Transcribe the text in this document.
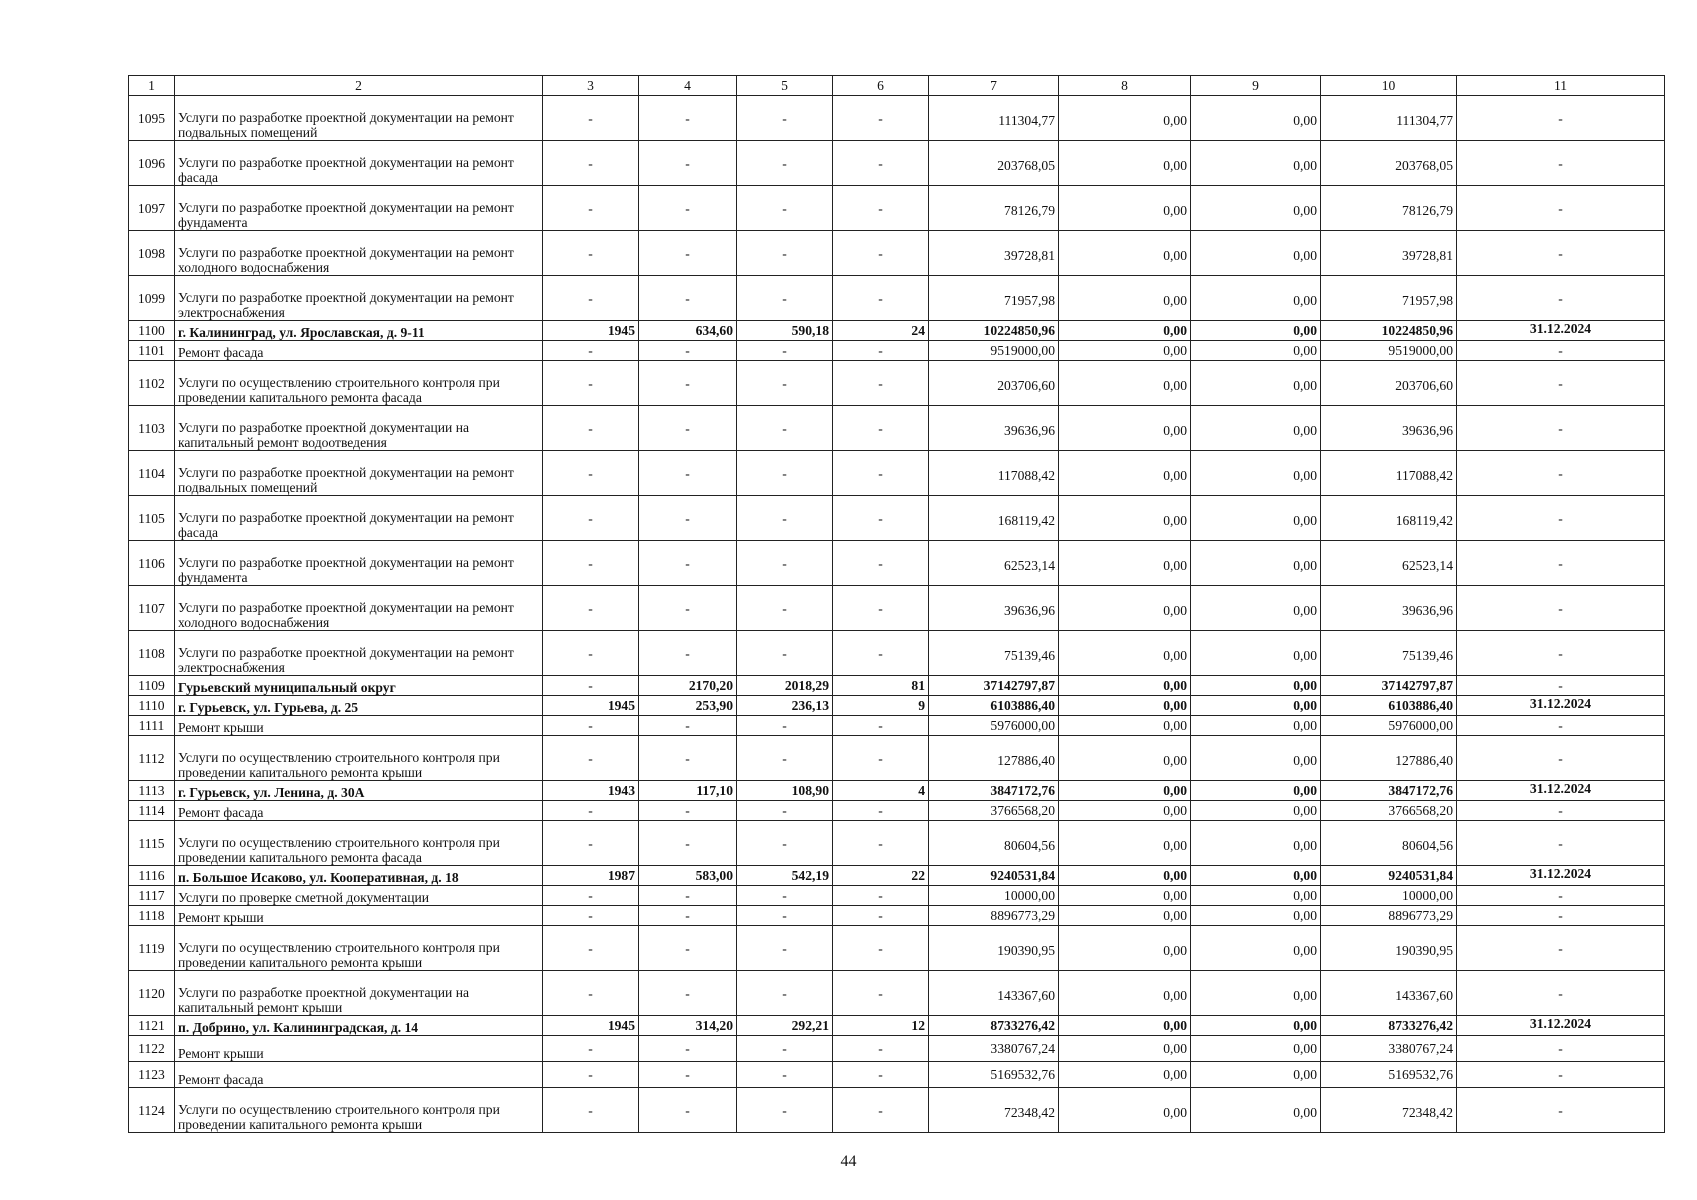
1	2	3	4	5	6	7	8	9	10	11
1095	Услуги по разработке проектной документации на ремонт подвальных помещений	-	-	-	-	111304,77	0,00	0,00	111304,77	-
1096	Услуги по разработке проектной документации на ремонт фасада	-	-	-	-	203768,05	0,00	0,00	203768,05	-
1097	Услуги по разработке проектной документации на ремонт фундамента	-	-	-	-	78126,79	0,00	0,00	78126,79	-
1098	Услуги по разработке проектной документации на ремонт холодного водоснабжения	-	-	-	-	39728,81	0,00	0,00	39728,81	-
1099	Услуги по разработке проектной документации на ремонт электроснабжения	-	-	-	-	71957,98	0,00	0,00	71957,98	-
1100	г. Калининград, ул. Ярославская, д. 9-11	1945	634,60	590,18	24	10224850,96	0,00	0,00	10224850,96	31.12.2024
1101	Ремонт фасада	-	-	-	-	9519000,00	0,00	0,00	9519000,00	-
1102	Услуги по осуществлению строительного контроля при проведении капитального ремонта фасада	-	-	-	-	203706,60	0,00	0,00	203706,60	-
1103	Услуги по разработке проектной документации на капитальный ремонт водоотведения	-	-	-	-	39636,96	0,00	0,00	39636,96	-
1104	Услуги по разработке проектной документации на ремонт подвальных помещений	-	-	-	-	117088,42	0,00	0,00	117088,42	-
1105	Услуги по разработке проектной документации на ремонт фасада	-	-	-	-	168119,42	0,00	0,00	168119,42	-
1106	Услуги по разработке проектной документации на ремонт фундамента	-	-	-	-	62523,14	0,00	0,00	62523,14	-
1107	Услуги по разработке проектной документации на ремонт холодного водоснабжения	-	-	-	-	39636,96	0,00	0,00	39636,96	-
1108	Услуги по разработке проектной документации на ремонт электроснабжения	-	-	-	-	75139,46	0,00	0,00	75139,46	-
1109	Гурьевский муниципальный округ	-	2170,20	2018,29	81	37142797,87	0,00	0,00	37142797,87	-
1110	г. Гурьевск, ул. Гурьева, д. 25	1945	253,90	236,13	9	6103886,40	0,00	0,00	6103886,40	31.12.2024
1111	Ремонт крыши	-	-	-	-	5976000,00	0,00	0,00	5976000,00	-
1112	Услуги по осуществлению строительного контроля при проведении капитального ремонта крыши	-	-	-	-	127886,40	0,00	0,00	127886,40	-
1113	г. Гурьевск, ул. Ленина, д. 30А	1943	117,10	108,90	4	3847172,76	0,00	0,00	3847172,76	31.12.2024
1114	Ремонт фасада	-	-	-	-	3766568,20	0,00	0,00	3766568,20	-
1115	Услуги по осуществлению строительного контроля при проведении капитального ремонта фасада	-	-	-	-	80604,56	0,00	0,00	80604,56	-
1116	п. Большое Исаково, ул. Кооперативная, д. 18	1987	583,00	542,19	22	9240531,84	0,00	0,00	9240531,84	31.12.2024
1117	Услуги по проверке сметной документации	-	-	-	-	10000,00	0,00	0,00	10000,00	-
1118	Ремонт крыши	-	-	-	-	8896773,29	0,00	0,00	8896773,29	-
1119	Услуги по осуществлению строительного контроля при проведении капитального ремонта крыши	-	-	-	-	190390,95	0,00	0,00	190390,95	-
1120	Услуги по разработке проектной документации на капитальный ремонт крыши	-	-	-	-	143367,60	0,00	0,00	143367,60	-
1121	п. Добрино, ул. Калининградская, д. 14	1945	314,20	292,21	12	8733276,42	0,00	0,00	8733276,42	31.12.2024
1122	Ремонт крыши	-	-	-	-	3380767,24	0,00	0,00	3380767,24	-
1123	Ремонт фасада	-	-	-	-	5169532,76	0,00	0,00	5169532,76	-
1124	Услуги по осуществлению строительного контроля при проведении капитального ремонта крыши	-	-	-	-	72348,42	0,00	0,00	72348,42	-
44
